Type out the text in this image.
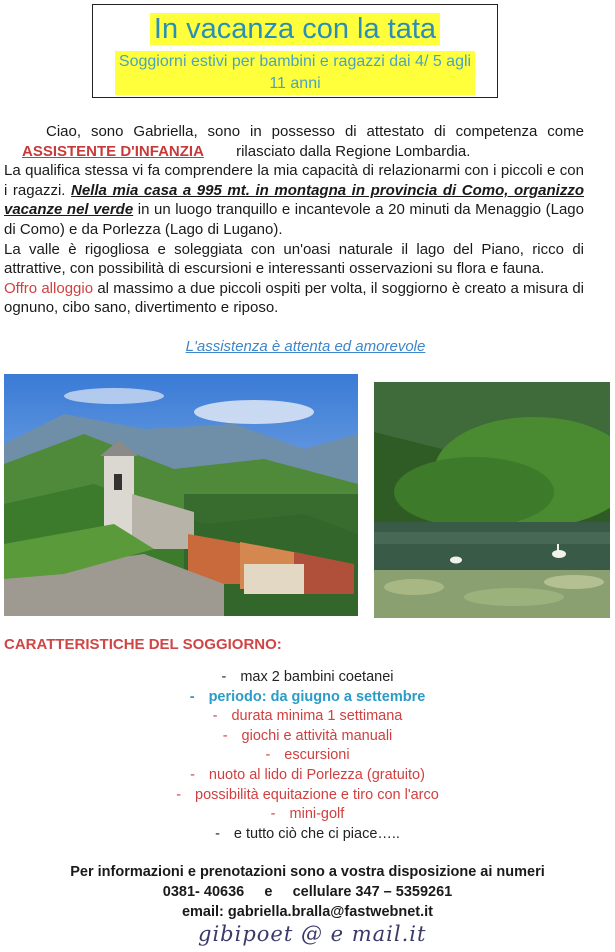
In vacanza con la tata
Soggiorni estivi per bambini e ragazzi dai 4/ 5 agli 11 anni

Ciao, sono Gabriella, sono in possesso di attestato di competenza come ASSISTENTE D'INFANZIA rilasciato dalla Regione Lombardia.

La qualifica stessa vi fa comprendere la mia capacità di relazionarmi con i piccoli e con i ragazzi. Nella mia casa a 995 mt. in montagna in provincia di Como, organizzo vacanze nel verde in un luogo tranquillo e incantevole a 20 minuti da Menaggio (Lago di Como) e da Porlezza (Lago di Lugano).

La valle è rigogliosa e soleggiata con un'oasi naturale il lago del Piano, ricco di attrattive, con possibilità di escursioni e interessanti osservazioni su flora e fauna.

Offro alloggio al massimo a due piccoli ospiti per volta, il soggiorno è creato a misura di ognuno, cibo sano, divertimento e riposo.

L'assistenza è attenta ed amorevole
CARATTERISTICHE DEL SOGGIORNO:
- max 2 bambini coetanei
- periodo: da giugno a settembre
- durata minima 1 settimana
- giochi e attività manuali
- escursioni
- nuoto al lido di Porlezza (gratuito)
- possibilità equitazione e tiro con l'arco
- mini-golf
- e tutto ciò che ci piace…..

Per informazioni e prenotazioni sono a vostra disposizione ai numeri

0381- 40636     e     cellulare 347 – 5359261

email: gabriella.bralla@fastwebnet.it

gibipoet @ e mail.it
